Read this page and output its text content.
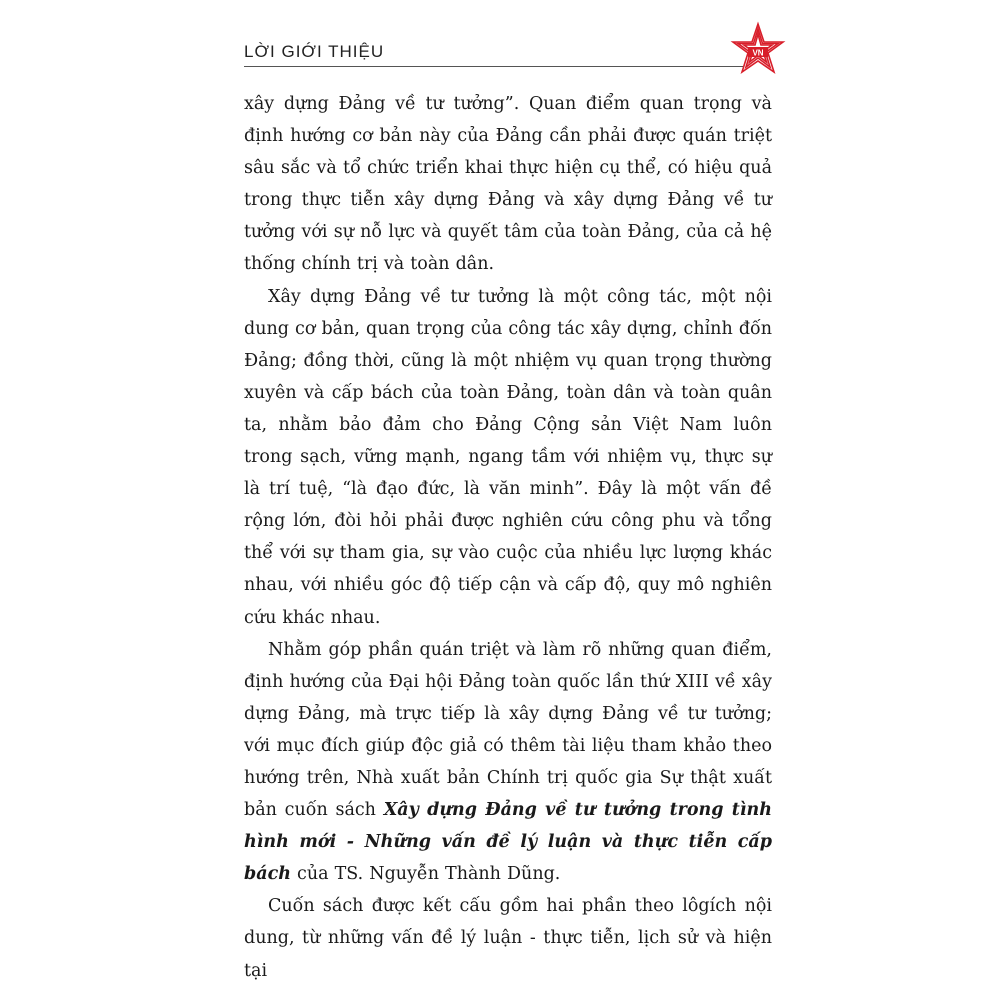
LỜI GIỚI THIỆU	VN

xây dựng Đảng về tư tưởng”. Quan điểm quan trọng và định hướng cơ bản này của Đảng cần phải được quán triệt sâu sắc và tổ chức triển khai thực hiện cụ thể, có hiệu quả trong thực tiễn xây dựng Đảng và xây dựng Đảng về tư tưởng với sự nỗ lực và quyết tâm của toàn Đảng, của cả hệ thống chính trị và toàn dân.

Xây dựng Đảng về tư tưởng là một công tác, một nội dung cơ bản, quan trọng của công tác xây dựng, chỉnh đốn Đảng; đồng thời, cũng là một nhiệm vụ quan trọng thường xuyên và cấp bách của toàn Đảng, toàn dân và toàn quân ta, nhằm bảo đảm cho Đảng Cộng sản Việt Nam luôn trong sạch, vững mạnh, ngang tầm với nhiệm vụ, thực sự là trí tuệ, “là đạo đức, là văn minh”. Đây là một vấn đề rộng lớn, đòi hỏi phải được nghiên cứu công phu và tổng thể với sự tham gia, sự vào cuộc của nhiều lực lượng khác nhau, với nhiều góc độ tiếp cận và cấp độ, quy mô nghiên cứu khác nhau.

Nhằm góp phần quán triệt và làm rõ những quan điểm, định hướng của Đại hội Đảng toàn quốc lần thứ XIII về xây dựng Đảng, mà trực tiếp là xây dựng Đảng về tư tưởng; với mục đích giúp độc giả có thêm tài liệu tham khảo theo hướng trên, Nhà xuất bản Chính trị quốc gia Sự thật xuất bản cuốn sách Xây dựng Đảng về tư tưởng trong tình hình mới - Những vấn đề lý luận và thực tiễn cấp bách của TS. Nguyễn Thành Dũng.

Cuốn sách được kết cấu gồm hai phần theo lôgích nội dung, từ những vấn đề lý luận - thực tiễn, lịch sử và hiện tại
